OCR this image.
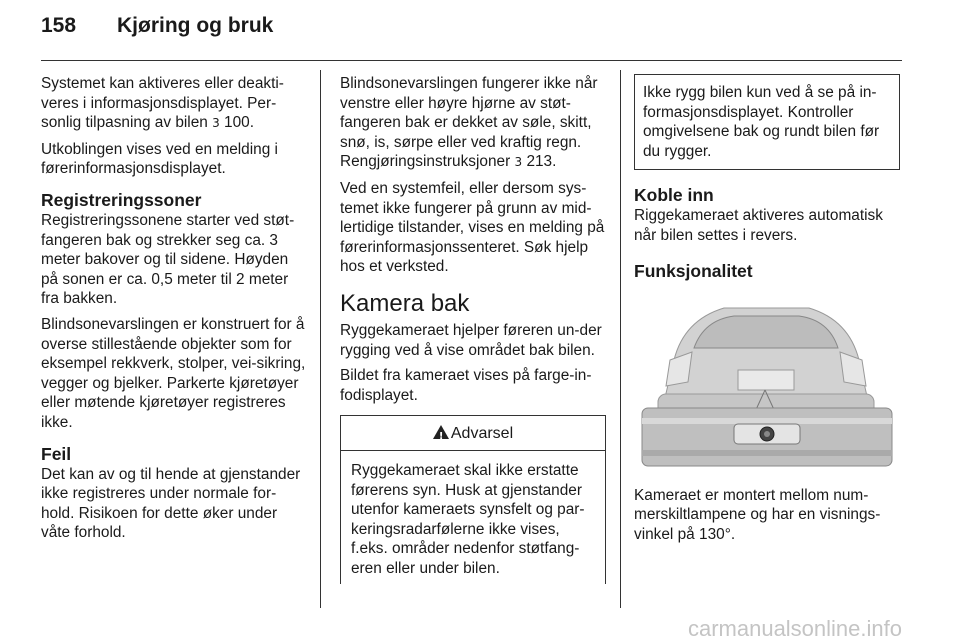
158 Kjøring og bruk

Systemet kan aktiveres eller deakti-veres i informasjonsdisplayet. Per-sonlig tilpasning av bilen 3 100.

Utkoblingen vises ved en melding i førerinformasjonsdisplayet.

Registreringssoner

Registreringssonene starter ved støt-fangeren bak og strekker seg ca. 3 meter bakover og til sidene. Høyden på sonen er ca. 0,5 meter til 2 meter fra bakken.

Blindsonevarslingen er konstruert for å overse stillestående objekter som for eksempel rekkverk, stolper, vei-sikring, vegger og bjelker. Parkerte kjøretøyer eller møtende kjøretøyer registreres ikke.

Feil

Det kan av og til hende at gjenstander ikke registreres under normale for-hold. Risikoen for dette øker under våte forhold.

Blindsonevarslingen fungerer ikke når venstre eller høyre hjørne av støt-fangeren bak er dekket av søle, skitt, snø, is, sørpe eller ved kraftig regn. Rengjøringsinstruksjoner 3 213.

Ved en systemfeil, eller dersom sys-temet ikke fungerer på grunn av mid-lertidige tilstander, vises en melding på førerinformasjonssenteret. Søk hjelp hos et verksted.

Kamera bak

Ryggekameraet hjelper føreren un-der rygging ved å vise området bak bilen.

Bildet fra kameraet vises på farge-in-fodisplayet.

!Advarsel
Ryggekameraet skal ikke erstatte førerens syn. Husk at gjenstander utenfor kameraets synsfelt og par-keringsradarfølerne ikke vises, f.eks. områder nedenfor støtfang-eren eller under bilen.
Ikke rygg bilen kun ved å se på in-formasjonsdisplayet. Kontroller omgivelsene bak og rundt bilen før du rygger.
Koble inn

Riggekameraet aktiveres automatisk når bilen settes i revers.

Funksjonalitet

Kameraet er montert mellom num-merskiltlampene og har en visnings-vinkel på 130°.

carmanualsonline.info
